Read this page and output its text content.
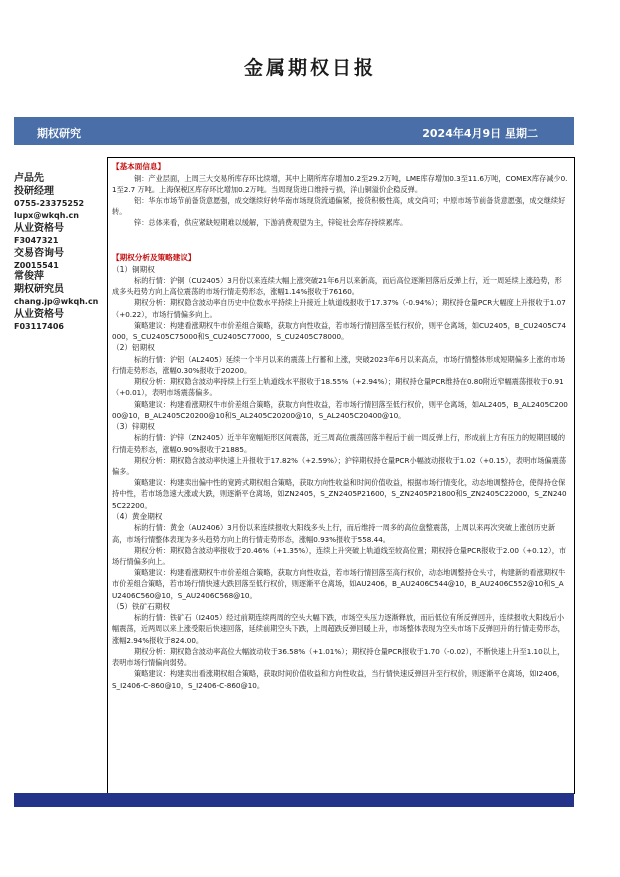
金属期权日报
期权研究	2024年4月9日 星期二
卢品先
投研经理
0755-23375252
lupx@wkqh.cn
从业资格号
F3047321
交易咨询号
Z0015541
常俊萍
期权研究员
chang.jp@wkqh.cn
从业资格号
F03117406
【基本面信息】

铜：产业层面，上周三大交易所库存环比续增，其中上期所库存增加0.2至29.2万吨，LME库存增加0.3至11.6万吨，COMEX库存减少0.1至2.7 万吨。上海保税区库存环比增加0.2万吨。当周现货进口维持亏损，洋山铜溢价企稳反弹。

铝：华东市场节前备货意愿强，成交继续好转华南市场现货流通偏紧，接货积极性高，成交尚可；中原市场节前备货意愿强，成交继续好转。

锌：总体来看，供应紧缺短期难以缓解，下游消费观望为主，锌锭社会库存持续累库。

【期权分析及策略建议】
（1）铜期权

标的行情：沪铜（CU2405）3月份以来连续大幅上涨突破21年6月以来新高，而后高位逐渐回落后反弹上行，近一周延续上涨趋势，形成多头趋势方向上高位震荡的市场行情走势形态，涨幅1.14%报收于76160。

期权分析：期权隐含波动率自历史中位数水平持续上升接近上轨道线报收于17.37%（-0.94%）；期权持仓量PCR大幅度上升报收于1.07（+0.22），市场行情偏多向上。

策略建议：构建看涨期权牛市价差组合策略，获取方向性收益，若市场行情回落至低行权价，则平仓离场，如CU2405，B_CU2405C74000，S_CU2405C75000和S_CU2405C77000，S_CU2405C78000。

（2）铝期权

标的行情：沪铝（AL2405）延续一个半月以来的震荡上行蓄和上涨，突破2023年6月以来高点，市场行情整体形成短期偏多上涨的市场行情走势形态，涨幅0.30%报收于20200。

期权分析：期权隐含波动率持续上行至上轨道线水平报收于18.55%（+2.94%）；期权持仓量PCR维持在0.80附近窄幅震荡报收于0.91（+0.01），表明市场震荡偏多。

策略建议：构建看涨期权牛市价差组合策略，获取方向性收益，若市场行情回落至低行权价，则平仓离场，如AL2405，B_AL2405C20000@10，B_AL2405C20200@10和S_AL2405C20200@10，S_AL2405C20400@10。

（3）锌期权

标的行情：沪锌（ZN2405）近半年宽幅矩形区间震荡，近三周高位震荡回落半程后于前一周反弹上行，形成前上方有压力的短期回暖的行情走势形态，涨幅0.90%报收于21885。

期权分析：期权隐含波动率快速上升报收于17.82%（+2.59%）；沪锌期权持仓量PCR小幅波动报收于1.02（+0.15），表明市场偏震荡偏多。

策略建议：构建卖出偏中性的宽跨式期权组合策略，获取方向性收益和时间价值收益，根据市场行情变化，动态地调整持仓，使得持仓保持中性，若市场急速大涨或大跌，则逐渐平仓离场，如ZN2405，S_ZN2405P21600，S_ZN2405P21800和S_ZN2405C22000，S_ZN2405C22200。

（4）黄金期权

标的行情：黄金（AU2406）3月份以来连续报收大阳线多头上行，而后维持一周多的高位盘整震荡，上周以来再次突破上涨创历史新高，市场行情整体表现为多头趋势方向上的行情走势形态，涨幅0.93%报收于558.44。

期权分析：期权隐含波动率报收于20.46%（+1.35%），连续上升突破上轨道线至较高位置；期权持仓量PCR报收于2.00（+0.12），市场行情偏多向上。

策略建议：构建看涨期权牛市价差组合策略，获取方向性收益，若市场行情回落至高行权价，动态地调整持仓头寸，构建新的看涨期权牛市价差组合策略，若市场行情快速大跌回落至低行权价，则逐渐平仓离场，如AU2406，B_AU2406C544@10，B_AU2406C552@10和S_AU2406C560@10，S_AU2406C568@10。

（5）铁矿石期权

标的行情：铁矿石（I2405）经过前期连续两周的空头大幅下跌，市场空头压力逐渐释放，而后低位有所反弹回升，连续报收大阳线后小幅震荡，近两周以来上涨受限后快速回落，延续前期空头下跌，上周超跌反弹回暖上升，市场整体表现为空头市场下反弹回升的行情走势形态，涨幅2.94%报收于824.00。

期权分析：期权隐含波动率高位大幅波动收于36.58%（+1.01%）；期权持仓量PCR报收于1.70（-0.02），不断快速上升至1.10以上，表明市场行情偏向弱势。

策略建议：构建卖出看涨期权组合策略，获取时间价值收益和方向性收益，当行情快速反弹回升至行权价，则逐渐平仓离场，如I2406，S_I2406-C-860@10，S_I2406-C-860@10。
